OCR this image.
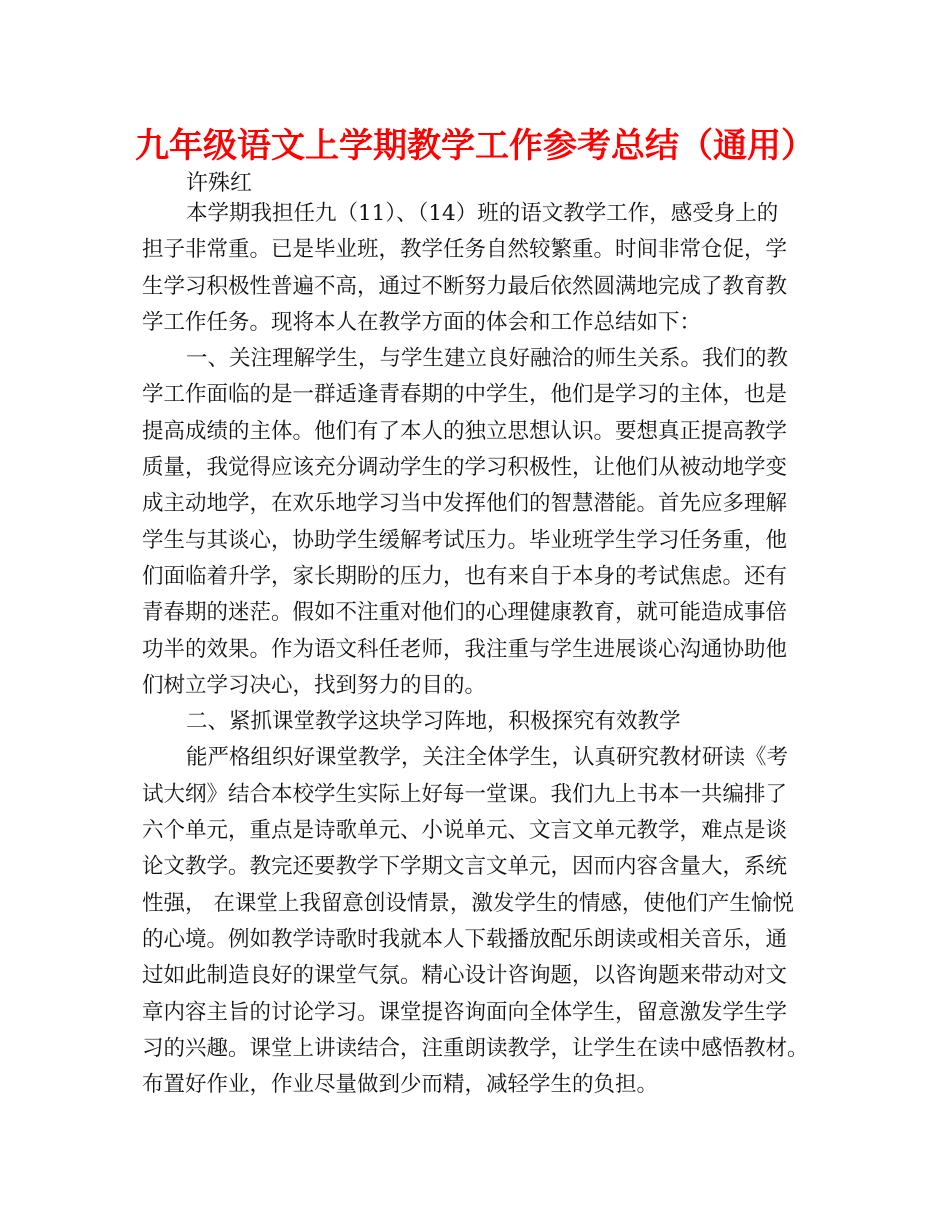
九年级语文上学期教学工作参考总结（通用）
许殊红

本学期我担任九（11）、（14）班的语文教学工作，感受身上的
担子非常重。已是毕业班，教学任务自然较繁重。时间非常仓促，学
生学习积极性普遍不高，通过不断努力最后依然圆满地完成了教育教
学工作任务。现将本人在教学方面的体会和工作总结如下：

一、关注理解学生，与学生建立良好融洽的师生关系。我们的教
学工作面临的是一群适逢青春期的中学生，他们是学习的主体，也是
提高成绩的主体。他们有了本人的独立思想认识。要想真正提高教学
质量，我觉得应该充分调动学生的学习积极性，让他们从被动地学变
成主动地学，在欢乐地学习当中发挥他们的智慧潜能。首先应多理解
学生与其谈心，协助学生缓解考试压力。毕业班学生学习任务重，他
们面临着升学，家长期盼的压力，也有来自于本身的考试焦虑。还有
青春期的迷茫。假如不注重对他们的心理健康教育，就可能造成事倍
功半的效果。作为语文科任老师，我注重与学生进展谈心沟通协助他
们树立学习决心，找到努力的目的。

二、紧抓课堂教学这块学习阵地，积极探究有效教学

能严格组织好课堂教学，关注全体学生，认真研究教材研读《考
试大纲》结合本校学生实际上好每一堂课。我们九上书本一共编排了
六个单元，重点是诗歌单元、小说单元、文言文单元教学，难点是谈
论文教学。教完还要教学下学期文言文单元，因而内容含量大，系统
性强， 在课堂上我留意创设情景，激发学生的情感，使他们产生愉悦
的心境。例如教学诗歌时我就本人下载播放配乐朗读或相关音乐，通
过如此制造良好的课堂气氛。精心设计咨询题，以咨询题来带动对文
章内容主旨的讨论学习。课堂提咨询面向全体学生，留意激发学生学
习的兴趣。课堂上讲读结合，注重朗读教学，让学生在读中感悟教材。
布置好作业，作业尽量做到少而精，减轻学生的负担。
